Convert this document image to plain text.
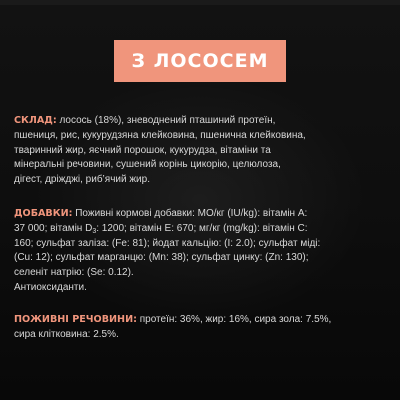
З ЛОСОСЕМ
СКЛАД: лосось (18%), зневоднений пташиний протеїн,
пшениця, рис, кукурудзяна клейковина, пшенична клейковина,
тваринний жир, яєчний порошок, кукурудза, вітаміни та
мінеральні речовини, сушений корінь цикорію, целюлоза,
дігест, дріжджі, риб’ячий жир.
ДОБАВКИ: Поживні кормові добавки: МО/кг (IU/kg): вітамін А:
37 000; вітамін $D_3$: 1200; вітамін Е: 670; мг/кг (mg/kg): вітамін С:
160; сульфат заліза: (Fe: 81); йодат кальцію: (I: 2.0); сульфат міді:
(Cu: 12); сульфат марганцю: (Mn: 38); сульфат цинку: (Zn: 130);
селеніт натрію: (Se: 0.12).
Антиоксиданти.
ПОЖИВНІ РЕЧОВИНИ: протеїн: 36%, жир: 16%, сира зола: 7.5%,
сира клітковина: 2.5%.
